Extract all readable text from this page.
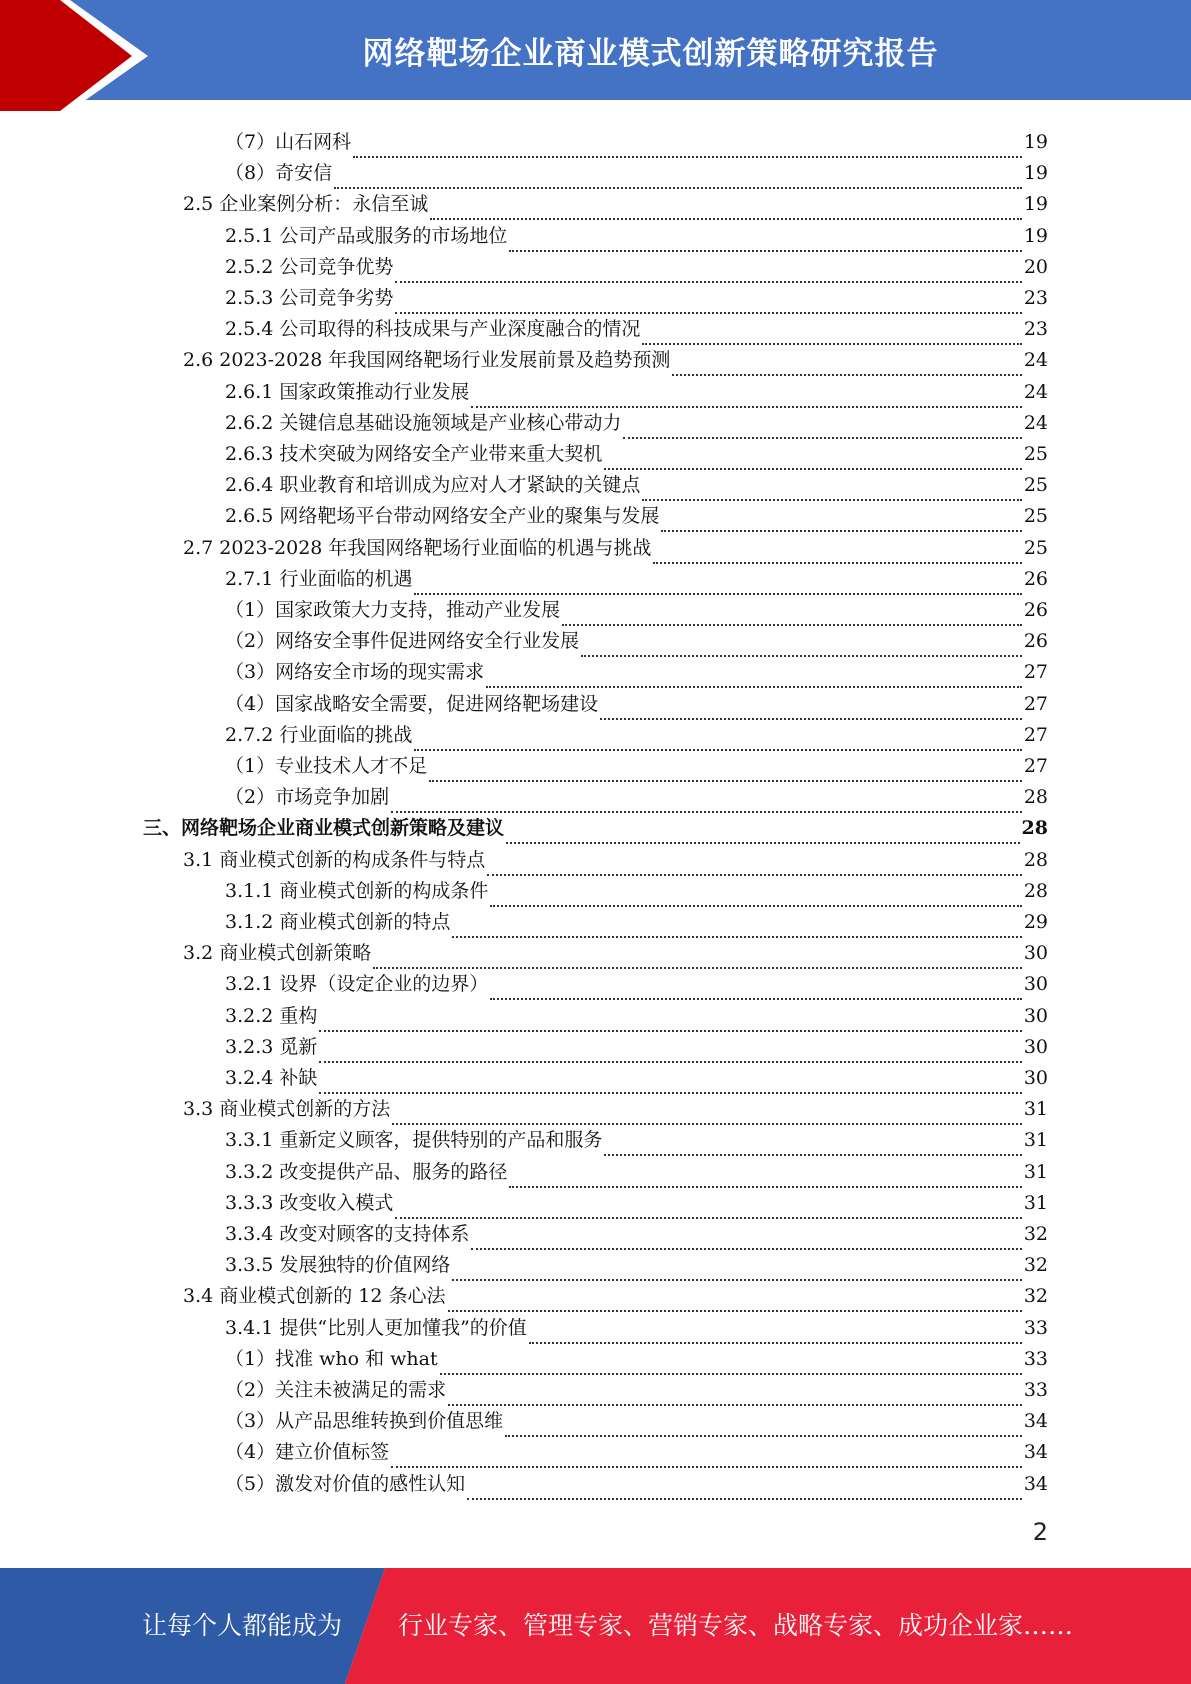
网络靶场企业商业模式创新策略研究报告
（7）山石网科	19
（8）奇安信	19
2.5 企业案例分析：永信至诚	19
2.5.1 公司产品或服务的市场地位	19
2.5.2 公司竞争优势	20
2.5.3 公司竞争劣势	23
2.5.4 公司取得的科技成果与产业深度融合的情况	23
2.6 2023-2028 年我国网络靶场行业发展前景及趋势预测	24
2.6.1 国家政策推动行业发展	24
2.6.2 关键信息基础设施领域是产业核心带动力	24
2.6.3 技术突破为网络安全产业带来重大契机	25
2.6.4 职业教育和培训成为应对人才紧缺的关键点	25
2.6.5 网络靶场平台带动网络安全产业的聚集与发展	25
2.7 2023-2028 年我国网络靶场行业面临的机遇与挑战	25
2.7.1 行业面临的机遇	26
（1）国家政策大力支持，推动产业发展	26
（2）网络安全事件促进网络安全行业发展	26
（3）网络安全市场的现实需求	27
（4）国家战略安全需要，促进网络靶场建设	27
2.7.2 行业面临的挑战	27
（1）专业技术人才不足	27
（2）市场竞争加剧	28
三、网络靶场企业商业模式创新策略及建议	28
3.1 商业模式创新的构成条件与特点	28
3.1.1 商业模式创新的构成条件	28
3.1.2 商业模式创新的特点	29
3.2 商业模式创新策略	30
3.2.1 设界（设定企业的边界）	30
3.2.2 重构	30
3.2.3 觅新	30
3.2.4 补缺	30
3.3 商业模式创新的方法	31
3.3.1 重新定义顾客，提供特别的产品和服务	31
3.3.2 改变提供产品、服务的路径	31
3.3.3 改变收入模式	31
3.3.4 改变对顾客的支持体系	32
3.3.5 发展独特的价值网络	32
3.4 商业模式创新的 12 条心法	32
3.4.1 提供“比别人更加懂我”的价值	33
（1）找准 who 和 what	33
（2）关注未被满足的需求	33
（3）从产品思维转换到价值思维	34
（4）建立价值标签	34
（5）激发对价值的感性认知	34
2
让每个人都能成为 行业专家、管理专家、营销专家、战略专家、成功企业家……
